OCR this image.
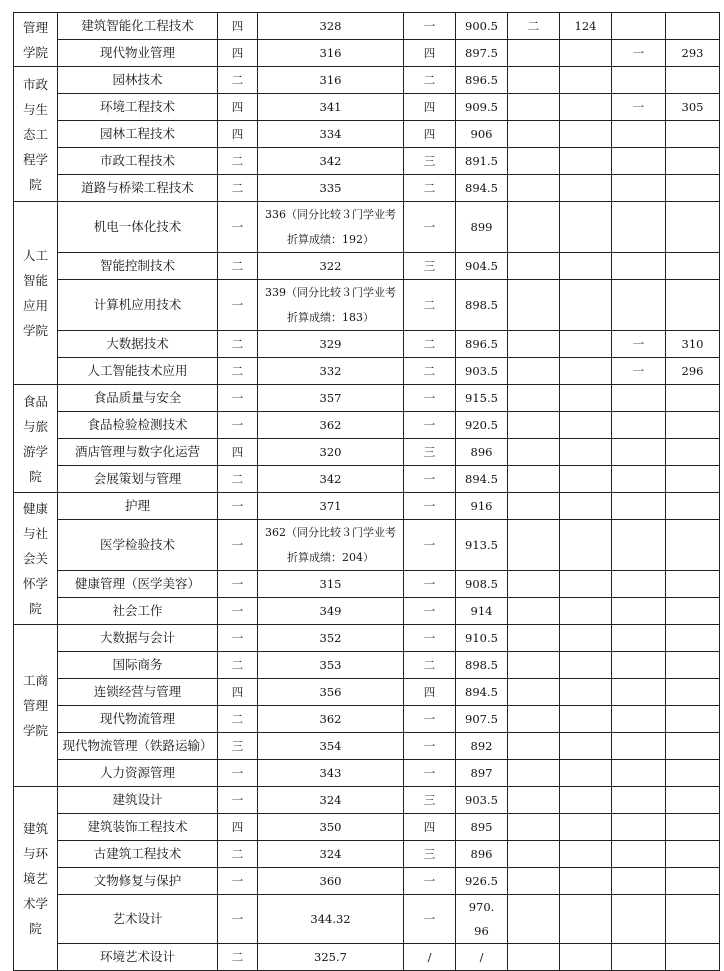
管理
学院	建筑智能化工程技术	四	328	一	900.5	二	124		
	现代物业管理	四	316	四	897.5			一	293

市政
与生
态工
程学
院	园林技术	二	316	二	896.5				
	环境工程技术	四	341	四	909.5			一	305
	园林工程技术	四	334	四	906				
	市政工程技术	二	342	三	891.5				
	道路与桥梁工程技术	二	335	二	894.5				

人工
智能
应用
学院	机电一体化技术	一	336（同分比较３门学业考折算成绩：192）	一	899				
	智能控制技术	二	322	三	904.5				
	计算机应用技术	一	339（同分比较３门学业考折算成绩：183）	二	898.5				
	大数据技术	二	329	二	896.5			一	310
	人工智能技术应用	二	332	二	903.5			一	296

食品
与旅
游学
院	食品质量与安全	一	357	一	915.5				
	食品检验检测技术	一	362	一	920.5				
	酒店管理与数字化运营	四	320	三	896				
	会展策划与管理	二	342	一	894.5				

健康
与社
会关
怀学
院	护理	一	371	一	916				
	医学检验技术	一	362（同分比较３门学业考折算成绩：204）	一	913.5				
	健康管理（医学美容）	一	315	一	908.5				
	社会工作	一	349	一	914				

工商
管理
学院	大数据与会计	一	352	一	910.5				
	国际商务	二	353	二	898.5				
	连锁经营与管理	四	356	四	894.5				
	现代物流管理	二	362	一	907.5				
	现代物流管理（铁路运输）	三	354	一	892				
	人力资源管理	一	343	一	897				

建筑
与环
境艺
术学
院	建筑设计	一	324	三	903.5				
	建筑装饰工程技术	四	350	四	895				
	古建筑工程技术	二	324	三	896				
	文物修复与保护	一	360	一	926.5				
	艺术设计	一	344.32	一	970.96				
	环境艺术设计	二	325.7	/	/				
